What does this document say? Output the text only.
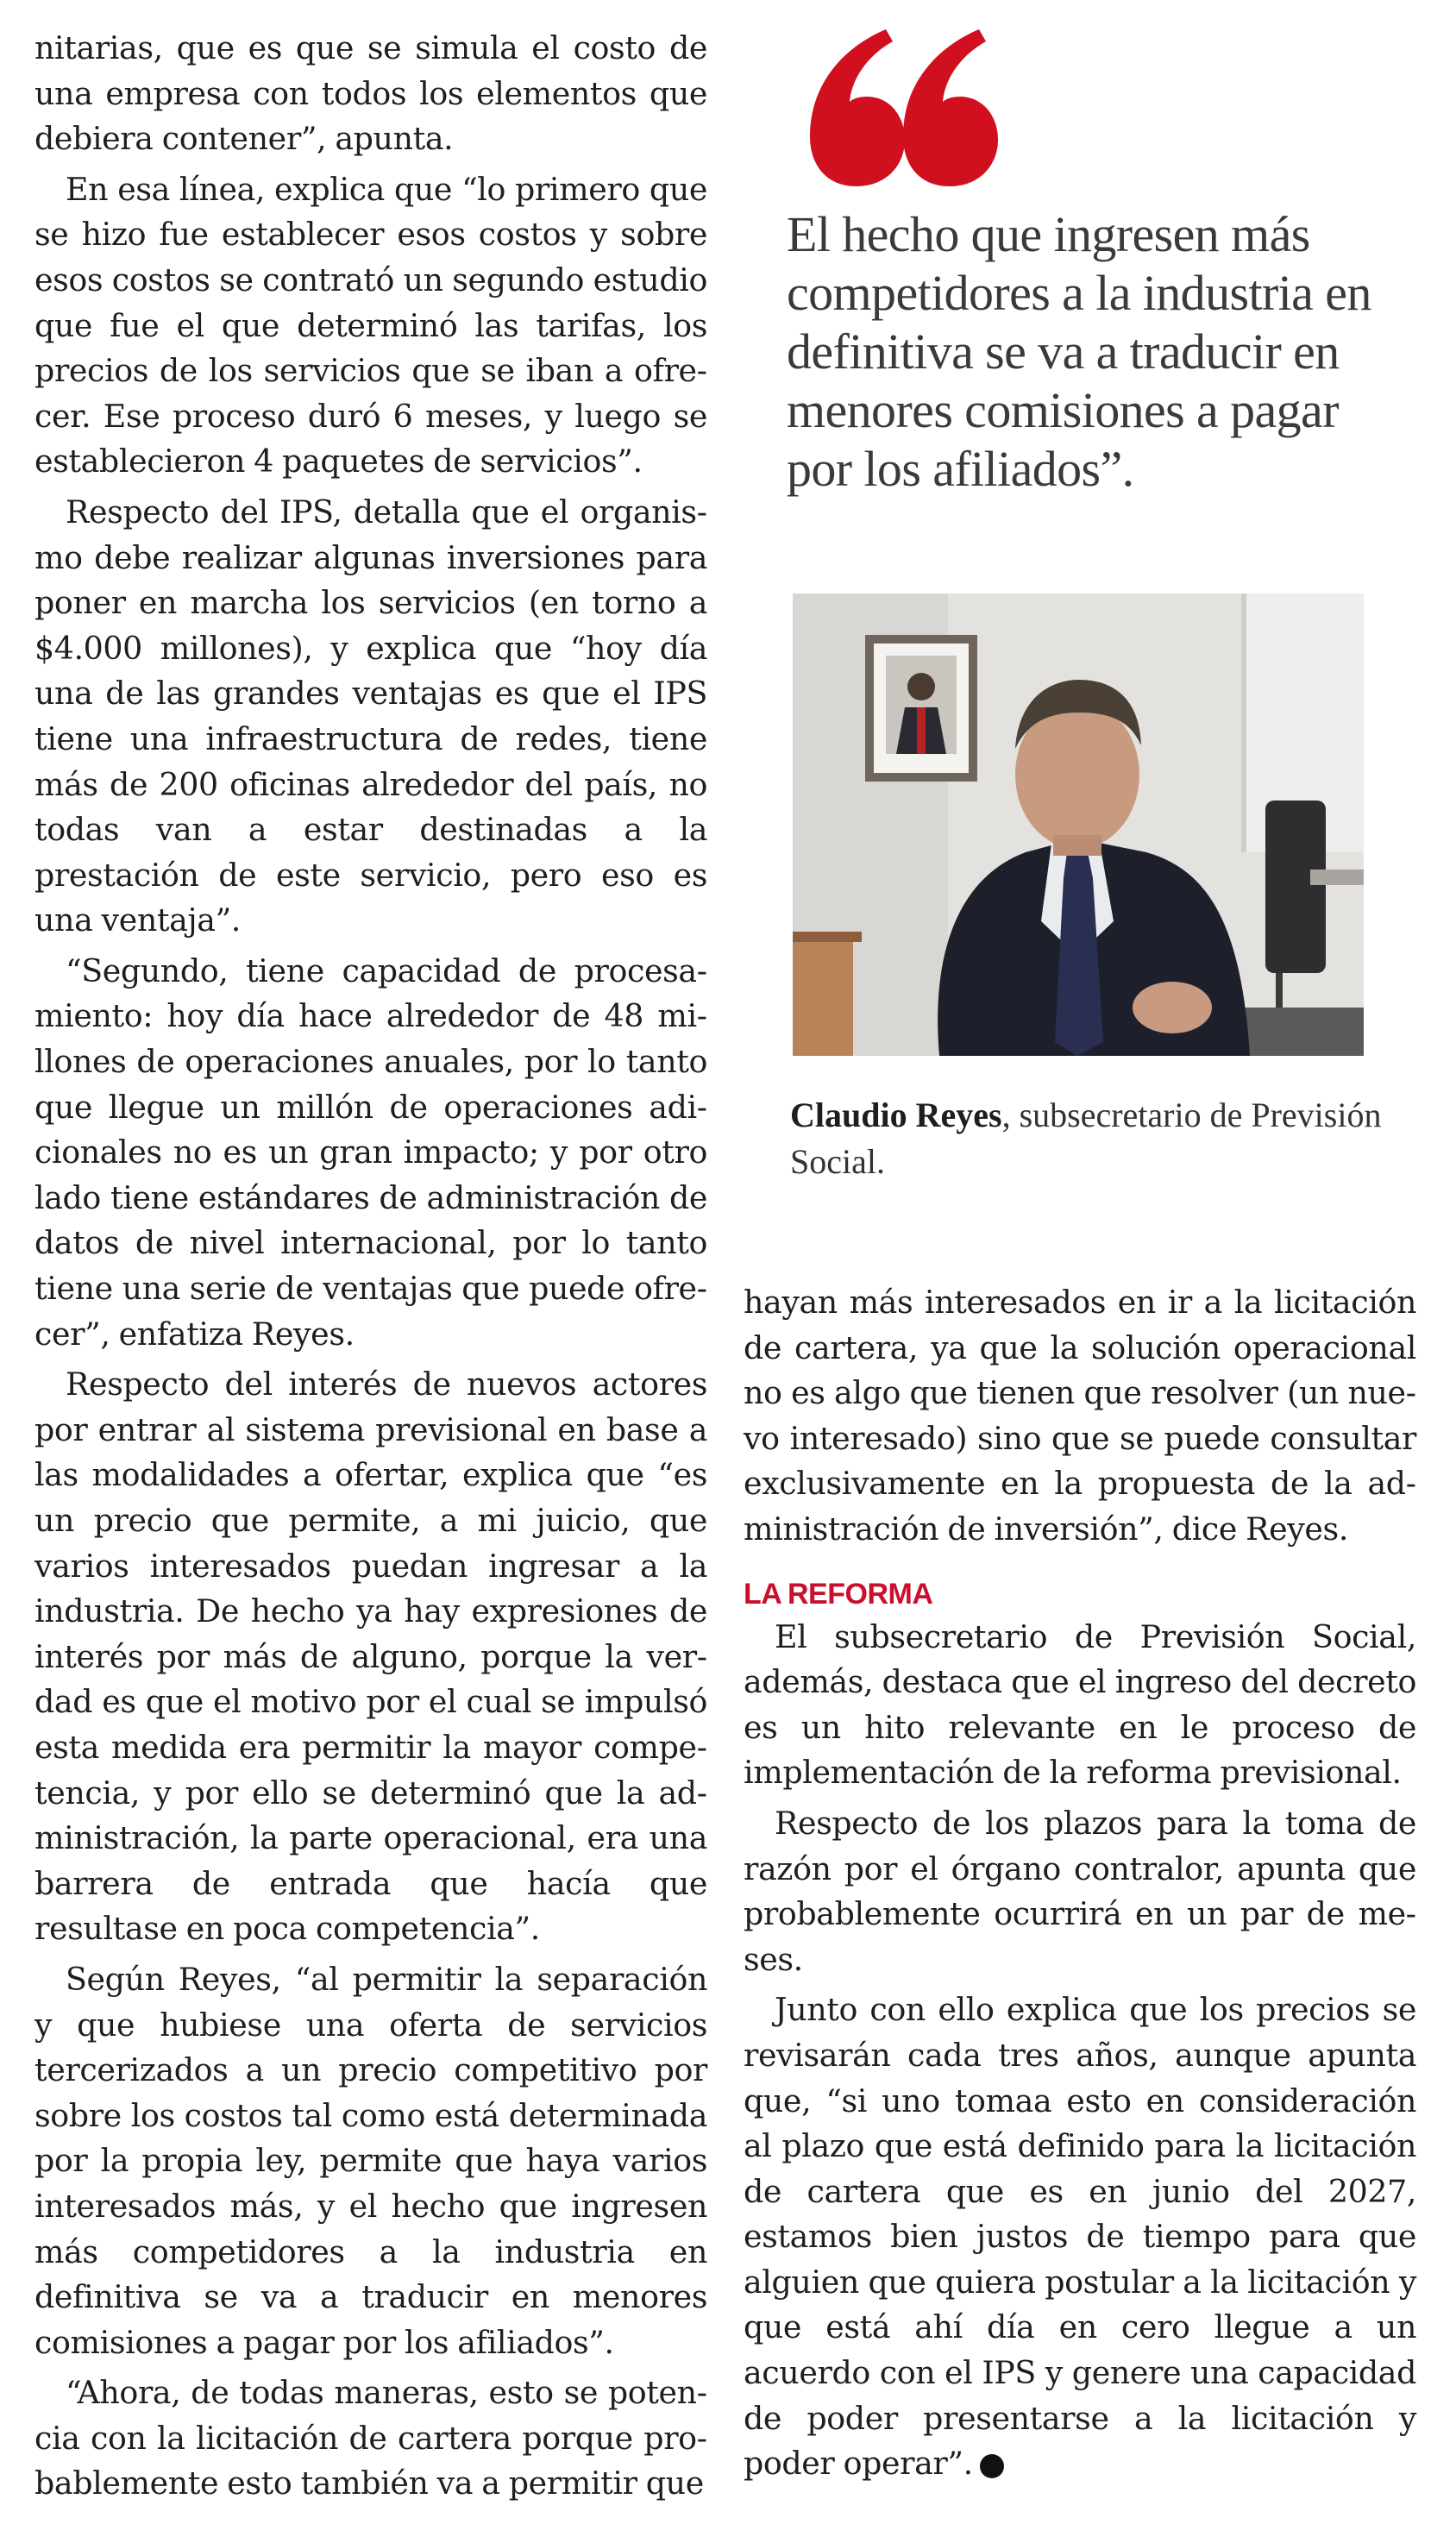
nitarias, que es que se simula el costo de una empresa con todos los elementos que debiera contener”, apunta.

En esa línea, explica que “lo primero que se hizo fue establecer esos costos y sobre esos costos se contrató un segundo estudio que fue el que determinó las tarifas, los precios de los servicios que se iban a ofrecer. Ese proceso duró 6 meses, y luego se establecieron 4 paquetes de servicios”.

Respecto del IPS, detalla que el organismo debe realizar algunas inversiones para poner en marcha los servicios (en torno a $4.000 millones), y explica que “hoy día una de las grandes ventajas es que el IPS tiene una infraestructura de redes, tiene más de 200 oficinas alrededor del país, no todas van a estar destinadas a la prestación de este servicio, pero eso es una ventaja”.

“Segundo, tiene capacidad de procesamiento: hoy día hace alrededor de 48 millones de operaciones anuales, por lo tanto que llegue un millón de operaciones adicionales no es un gran impacto; y por otro lado tiene estándares de administración de datos de nivel internacional, por lo tanto tiene una serie de ventajas que puede ofrecer”, enfatiza Reyes.

Respecto del interés de nuevos actores por entrar al sistema previsional en base a las modalidades a ofertar, explica que “es un precio que permite, a mi juicio, que varios interesados puedan ingresar a la industria. De hecho ya hay expresiones de interés por más de alguno, porque la verdad es que el motivo por el cual se impulsó esta medida era permitir la mayor competencia, y por ello se determinó que la administración, la parte operacional, era una barrera de entrada que hacía que resultase en poca competencia”.

Según Reyes, “al permitir la separación y que hubiese una oferta de servicios tercerizados a un precio competitivo por sobre los costos tal como está determinada por la propia ley, permite que haya varios interesados más, y el hecho que ingresen más competidores a la industria en definitiva se va a traducir en menores comisiones a pagar por los afiliados”.

“Ahora, de todas maneras, esto se potencia con la licitación de cartera porque probablemente esto también va a permitir que

El hecho que ingresen más competidores a la industria en definitiva se va a traducir en menores comisiones a pagar por los afiliados”.

Claudio Reyes, subsecretario de Previsión Social.

hayan más interesados en ir a la licitación de cartera, ya que la solución operacional no es algo que tienen que resolver (un nuevo interesado) sino que se puede consultar exclusivamente en la propuesta de la administración de inversión”, dice Reyes.

LA REFORMA

El subsecretario de Previsión Social, además, destaca que el ingreso del decreto es un hito relevante en le proceso de implementación de la reforma previsional.

Respecto de los plazos para la toma de razón por el órgano contralor, apunta que probablemente ocurrirá en un par de meses.

Junto con ello explica que los precios se revisarán cada tres años, aunque apunta que, “si uno tomaa esto en consideración al plazo que está definido para la licitación de cartera que es en junio del 2027, estamos bien justos de tiempo para que alguien que quiera postular a la licitación y que está ahí día en cero llegue a un acuerdo con el IPS y genere una capacidad de poder presentarse a la licitación y poder operar”. P
